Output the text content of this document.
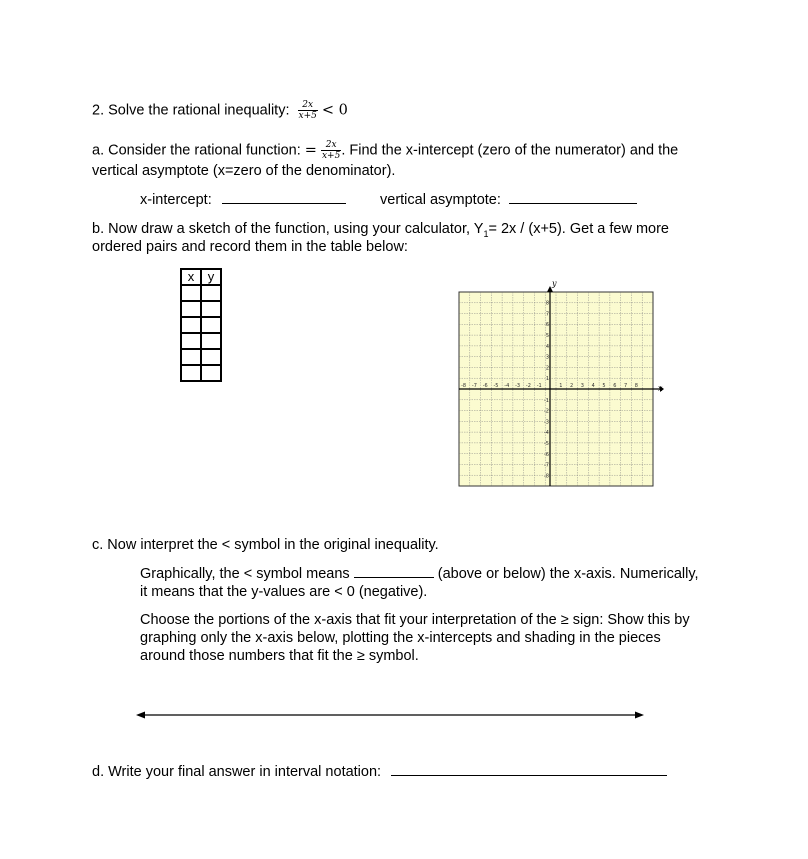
2. Solve the rational inequality: $\frac{2x}{x+5} < 0$
a. Consider the rational function: = $\frac{2x}{x+5}$ . Find the x-intercept (zero of the numerator) and the
vertical asymptote (x=zero of the denominator).
x-intercept:	vertical asymptote:
b. Now draw a sketch of the function, using your calculator, $Y_1= 2x / (x+5)$. Get a few more
ordered pairs and record them in the table below:
x	y

x
y
-8 -7 -6 -5 -4 -3 -2 -1	1 2 3 4 5 6 7 8
8
7
6
5
4
3
2
1
-1
-2
-3
-4
-5
-6
-7
-8
c. Now interpret the < symbol in the original inequality.
Graphically, the < symbol means	(above or below) the x-axis. Numerically,
it means that the y-values are < 0 (negative).
Choose the portions of the x-axis that fit your interpretation of the ≥ sign: Show this by
graphing only the x-axis below, plotting the x-intercepts and shading in the pieces
around those numbers that fit the ≥ symbol.
d. Write your final answer in interval notation:
